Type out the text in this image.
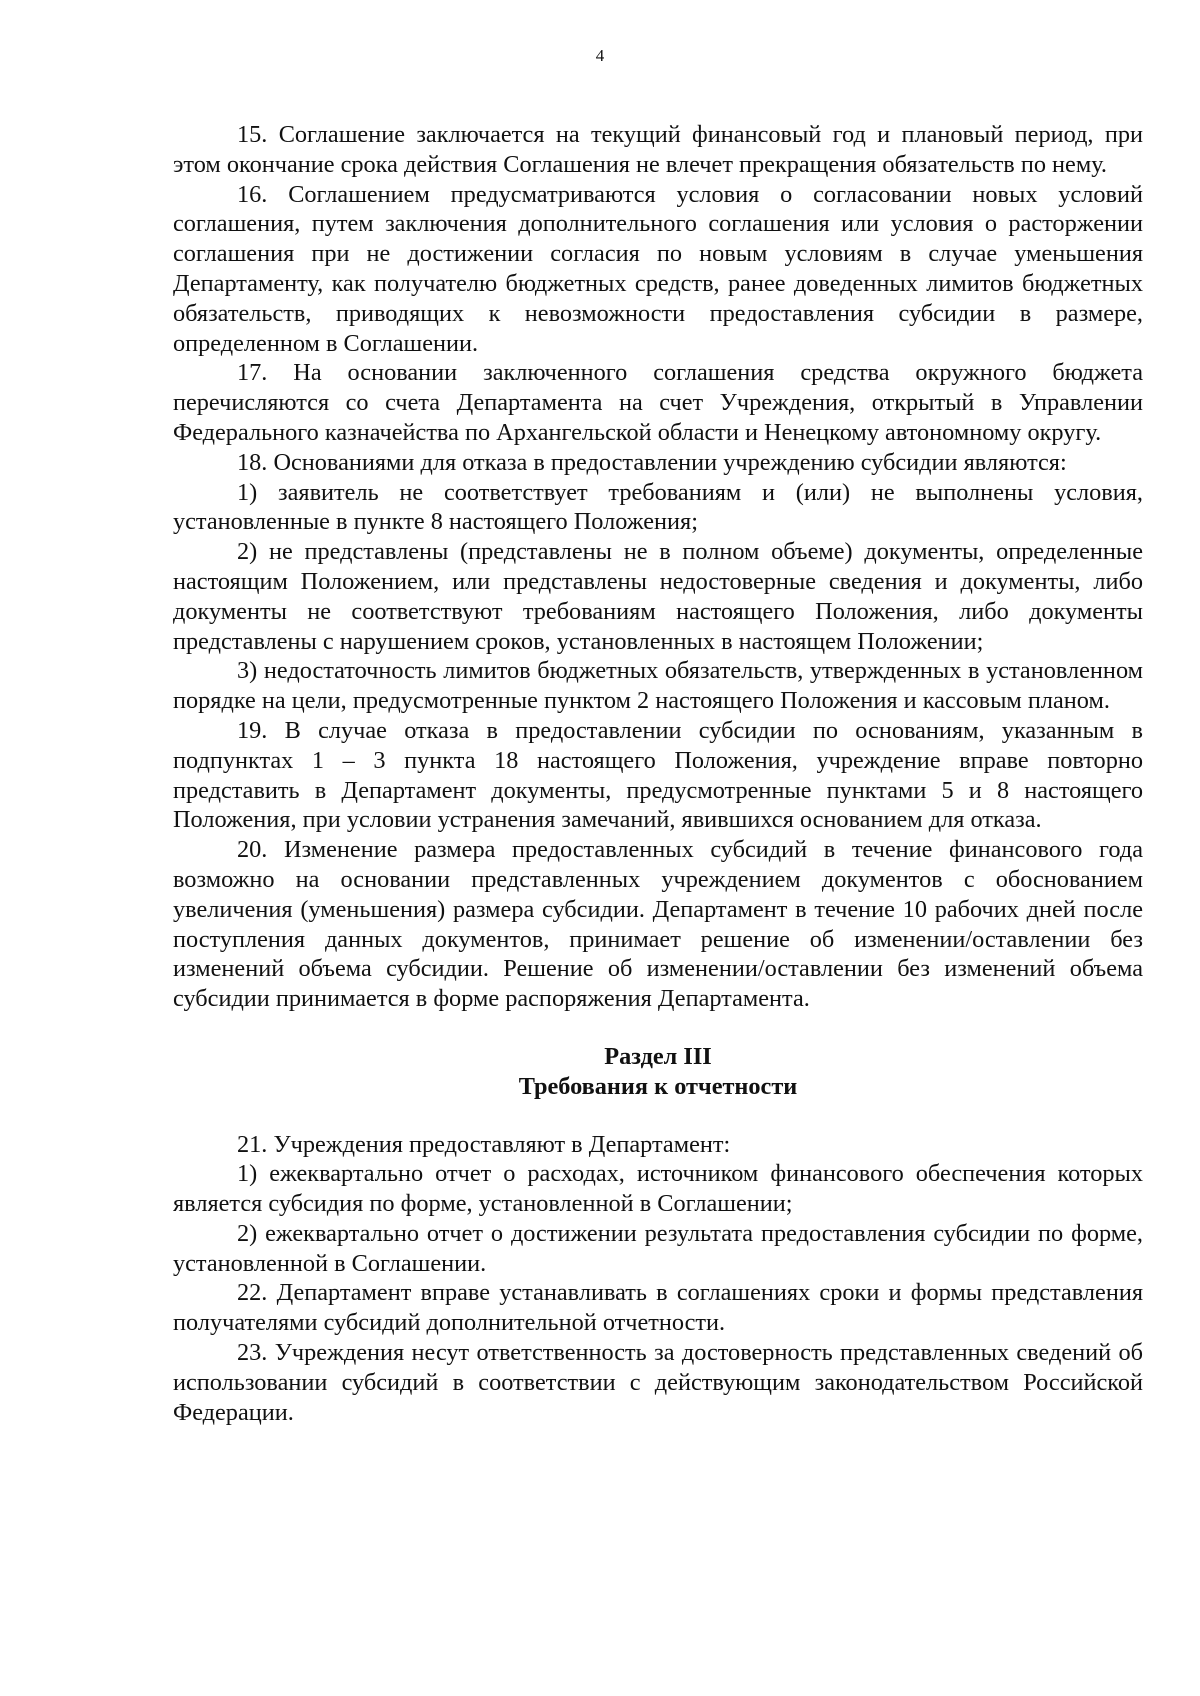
4

15. Соглашение заключается на текущий финансовый год и плановый период, при этом окончание срока действия Соглашения не влечет прекращения обязательств по нему.

16. Соглашением предусматриваются условия о согласовании новых условий соглашения, путем заключения дополнительного соглашения или условия о расторжении соглашения при не достижении согласия по новым условиям в случае уменьшения Департаменту, как получателю бюджетных средств, ранее доведенных лимитов бюджетных обязательств, приводящих к невозможности предоставления субсидии в размере, определенном в Соглашении.

17. На основании заключенного соглашения средства окружного бюджета перечисляются со счета Департамента на счет Учреждения, открытый в Управлении Федерального казначейства по Архангельской области и Ненецкому автономному округу.

18. Основаниями для отказа в предоставлении учреждению субсидии являются:

1) заявитель не соответствует требованиям и (или) не выполнены условия, установленные в пункте 8 настоящего Положения;

2) не представлены (представлены не в полном объеме) документы, определенные настоящим Положением, или представлены недостоверные сведения и документы, либо документы не соответствуют требованиям настоящего Положения, либо документы представлены с нарушением сроков, установленных в настоящем Положении;

3) недостаточность лимитов бюджетных обязательств, утвержденных в установленном порядке на цели, предусмотренные пунктом 2 настоящего Положения и кассовым планом.

19. В случае отказа в предоставлении субсидии по основаниям, указанным в подпунктах 1 – 3 пункта 18 настоящего Положения, учреждение вправе повторно представить в Департамент документы, предусмотренные пунктами 5 и 8 настоящего Положения, при условии устранения замечаний, явившихся основанием для отказа.

20. Изменение размера предоставленных субсидий в течение финансового года возможно на основании представленных учреждением документов с обоснованием увеличения (уменьшения) размера субсидии. Департамент в течение 10 рабочих дней после поступления данных документов, принимает решение об изменении/оставлении без изменений объема субсидии. Решение об изменении/оставлении без изменений объема субсидии принимается в форме распоряжения Департамента.

Раздел III

Требования к отчетности

21. Учреждения предоставляют в Департамент:

1) ежеквартально отчет о расходах, источником финансового обеспечения которых является субсидия по форме, установленной в Соглашении;

2) ежеквартально отчет о достижении результата предоставления субсидии по форме, установленной в Соглашении.

22. Департамент вправе устанавливать в соглашениях сроки и формы представления получателями субсидий дополнительной отчетности.

23. Учреждения несут ответственность за достоверность представленных сведений об использовании субсидий в соответствии с действующим законодательством Российской Федерации.
